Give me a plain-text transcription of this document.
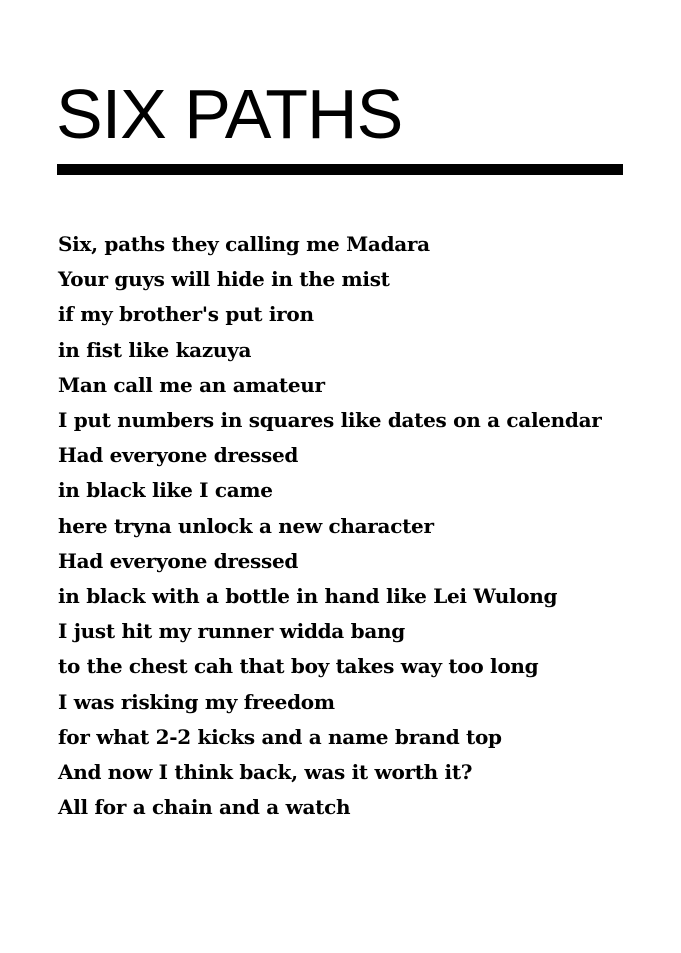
SIX PATHS
Six, paths they calling me Madara
Your guys will hide in the mist
if my brother's put iron
in fist like kazuya
Man call me an amateur
I put numbers in squares like dates on a calendar
Had everyone dressed
in black like I came
here tryna unlock a new character
Had everyone dressed
in black with a bottle in hand like Lei Wulong
I just hit my runner widda bang
to the chest cah that boy takes way too long
I was risking my freedom
for what 2-2 kicks and a name brand top
And now I think back, was it worth it?
All for a chain and a watch
